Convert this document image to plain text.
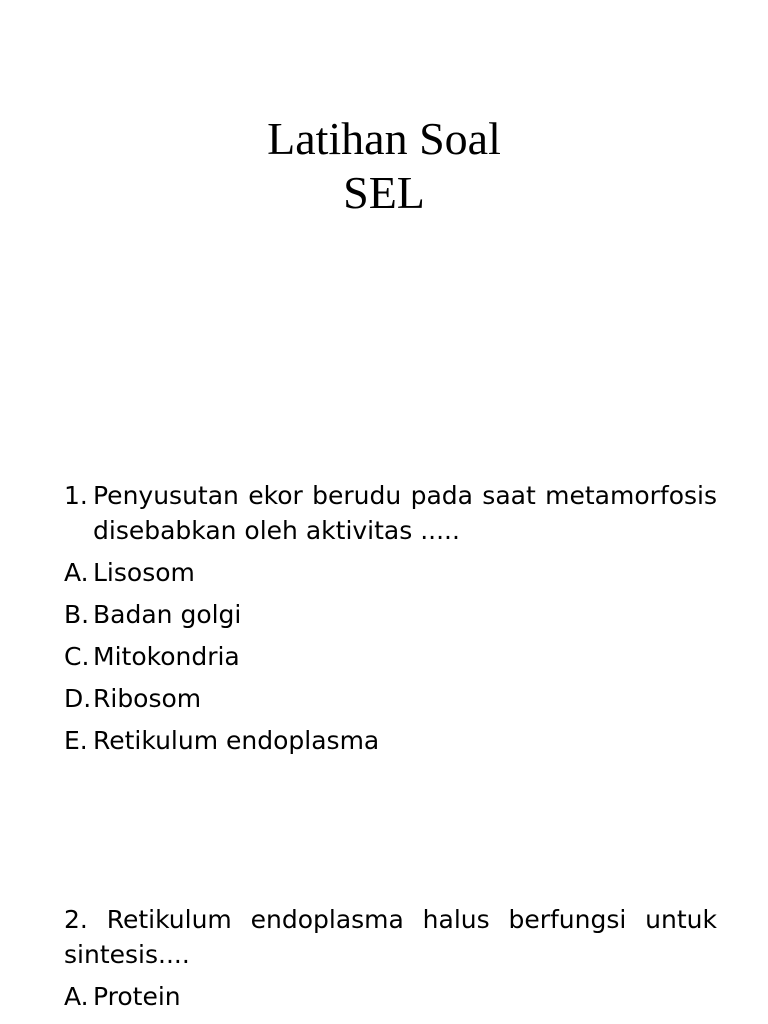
Latihan Soal
SEL
1. Penyusutan ekor berudu pada saat metamorfosis disebabkan oleh aktivitas .....
A. Lisosom
B. Badan golgi
C. Mitokondria
D. Ribosom
E. Retikulum endoplasma
2. Retikulum endoplasma halus berfungsi untuk sintesis....
A. Protein
